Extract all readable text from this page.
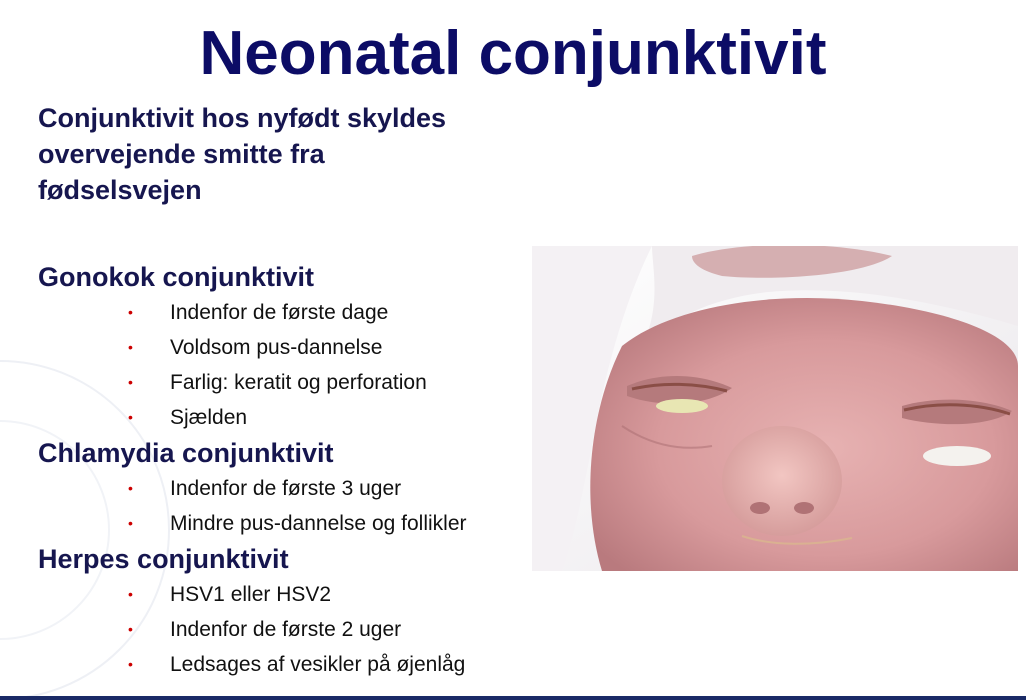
Neonatal conjunktivit
Conjunktivit hos nyfødt skyldes
overvejende smitte fra
fødselsvejen
Gonokok conjunktivit
• Indenfor de første dage
• Voldsom pus-dannelse
• Farlig: keratit og perforation
• Sjælden
Chlamydia conjunktivit
• Indenfor de første 3 uger
• Mindre pus-dannelse og follikler
Herpes conjunktivit
• HSV1 eller HSV2
• Indenfor de første 2 uger
• Ledsages af vesikler på øjenlåg
